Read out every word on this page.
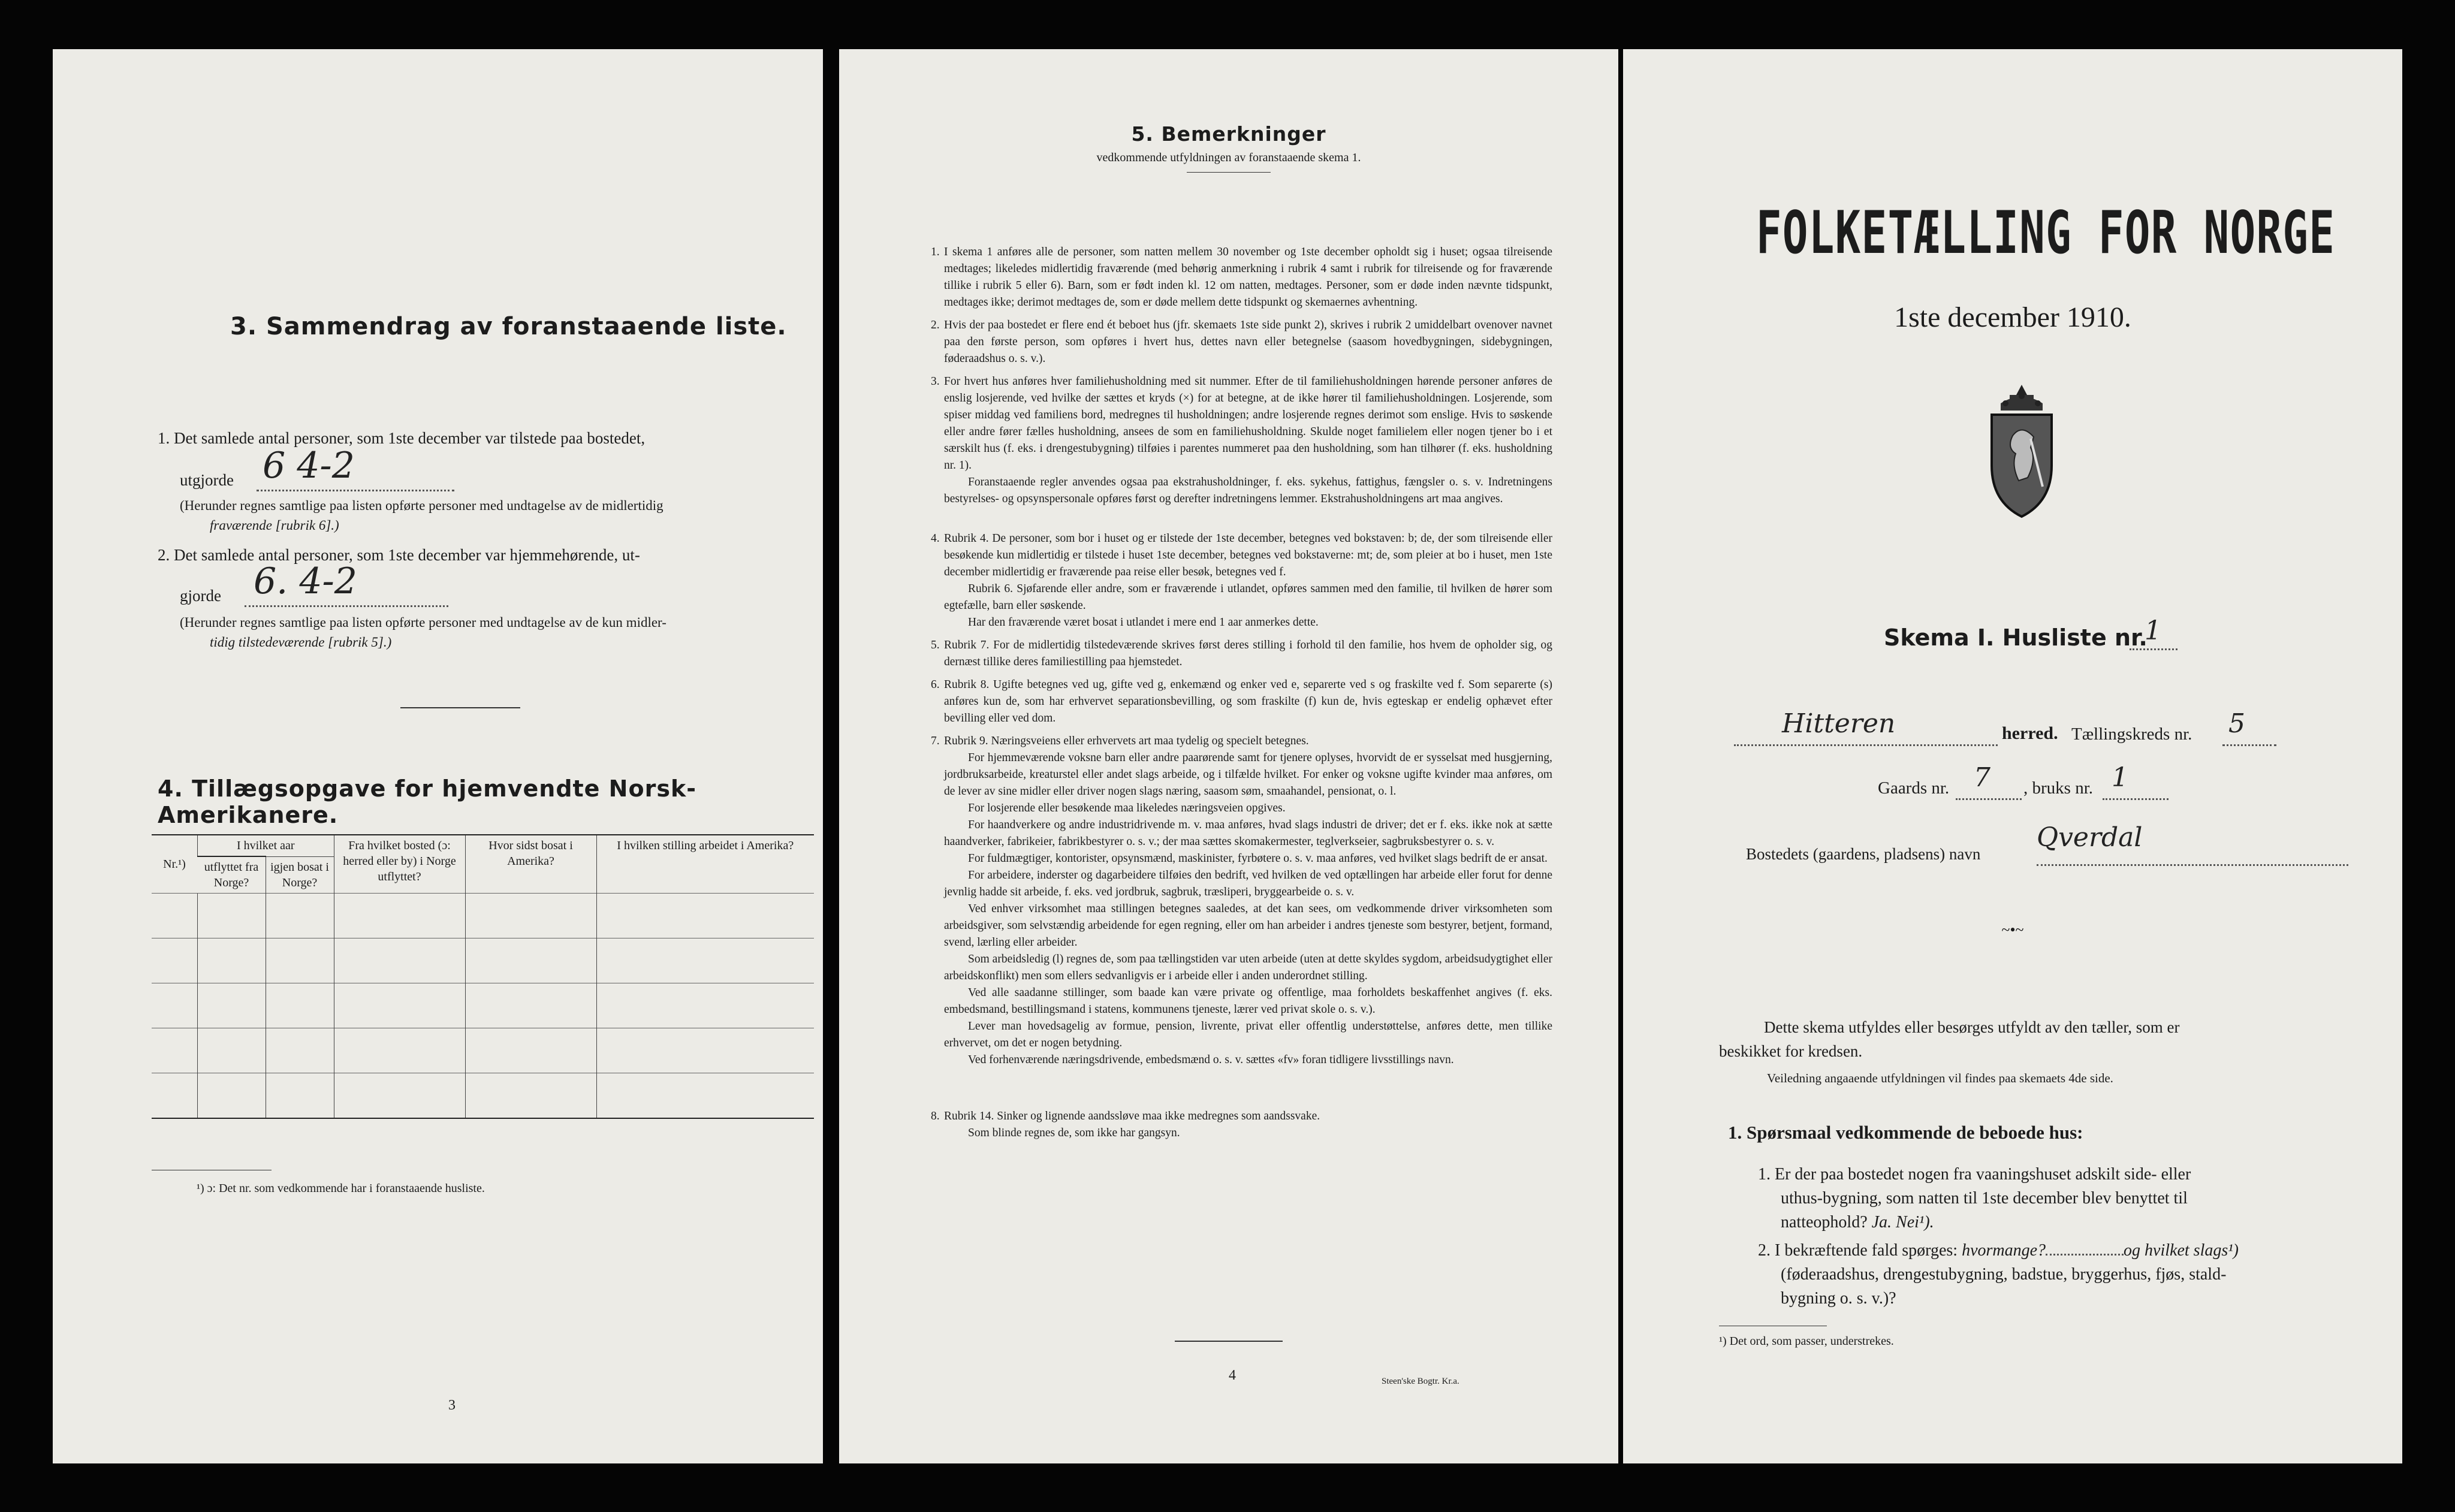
3. Sammendrag av foranstaaende liste.
1. Det samlede antal personer, som 1ste december var tilstede paa bostedet,
utgjorde 6 4-2
(Herunder regnes samtlige paa listen opførte personer med undtagelse av de midlertidig
fraværende [rubrik 6].)
2. Det samlede antal personer, som 1ste december var hjemmehørende, ut-
gjorde 6. 4-2
(Herunder regnes samtlige paa listen opførte personer med undtagelse av de kun midler-
tidig tilstedeværende [rubrik 5].)
4. Tillægsopgave for hjemvendte Norsk-Amerikanere.
Nr.¹)	I hvilket aar		Fra hvilket bosted (ɔ: herred eller by) i Norge utflyttet?	Hvor sidst bosat i Amerika?	I hvilken stilling arbeidet i Amerika?
	utflyttet fra Norge?	igjen bosat i Norge?			

¹) ɔ: Det nr. som vedkommende har i foranstaaende husliste.
3
5. Bemerkninger
vedkommende utfyldningen av foranstaaende skema 1.
1. I skema 1 anføres alle de personer, som natten mellem 30 november og 1ste december opholdt sig i huset; ogsaa tilreisende medtages; likeledes midlertidig fraværende (med behørig anmerkning i rubrik 4 samt i rubrik for tilreisende og for fraværende tillike i rubrik 5 eller 6). Barn, som er født inden kl. 12 om natten, medtages. Personer, som er døde inden nævnte tidspunkt, medtages ikke; derimot medtages de, som er døde mellem dette tidspunkt og skemaernes avhentning.
2. Hvis der paa bostedet er flere end ét beboet hus (jfr. skemaets 1ste side punkt 2), skrives i rubrik 2 umiddelbart ovenover navnet paa den første person, som opføres i hvert hus, dettes navn eller betegnelse (saasom hovedbygningen, sidebygningen, føderaadshus o. s. v.).
3. For hvert hus anføres hver familiehusholdning med sit nummer. Efter de til familiehusholdningen hørende personer anføres de enslig losjerende, ved hvilke der sættes et kryds (×) for at betegne, at de ikke hører til familiehusholdningen. Losjerende, som spiser middag ved familiens bord, medregnes til husholdningen; andre losjerende regnes derimot som enslige. Hvis to søskende eller andre fører fælles husholdning, ansees de som en familiehusholdning. Skulde noget familielem eller nogen tjener bo i et særskilt hus (f. eks. i drengestubygning) tilføies i parentes nummeret paa den husholdning, som han tilhører (f. eks. husholdning nr. 1).
Foranstaaende regler anvendes ogsaa paa ekstrahusholdninger, f. eks. sykehus, fattighus, fængsler o. s. v. Indretningens bestyrelses- og opsynspersonale opføres først og derefter indretningens lemmer. Ekstrahusholdningens art maa angives.
4. Rubrik 4. De personer, som bor i huset og er tilstede der 1ste december, betegnes ved bokstaven: b; de, der som tilreisende eller besøkende kun midlertidig er tilstede i huset 1ste december, betegnes ved bokstaverne: mt; de, som pleier at bo i huset, men 1ste december midlertidig er fraværende paa reise eller besøk, betegnes ved f.
Rubrik 6. Sjøfarende eller andre, som er fraværende i utlandet, opføres sammen med den familie, til hvilken de hører som egtefælle, barn eller søskende.
Har den fraværende været bosat i utlandet i mere end 1 aar anmerkes dette.
5. Rubrik 7. For de midlertidig tilstedeværende skrives først deres stilling i forhold til den familie, hos hvem de opholder sig, og dernæst tillike deres familiestilling paa hjemstedet.
6. Rubrik 8. Ugifte betegnes ved ug, gifte ved g, enkemænd og enker ved e, separerte ved s og fraskilte ved f. Som separerte (s) anføres kun de, som har erhvervet separationsbevilling, og som fraskilte (f) kun de, hvis egteskap er endelig ophævet efter bevilling eller ved dom.
7. Rubrik 9. Næringsveiens eller erhvervets art maa tydelig og specielt betegnes.
For hjemmeværende voksne barn eller andre paarørende samt for tjenere oplyses, hvorvidt de er sysselsat med husgjerning, jordbruksarbeide, kreaturstel eller andet slags arbeide, og i tilfælde hvilket. For enker og voksne ugifte kvinder maa anføres, om de lever av sine midler eller driver nogen slags næring, saasom søm, smaahandel, pensionat, o. l.
For losjerende eller besøkende maa likeledes næringsveien opgives.
For haandverkere og andre industridrivende m. v. maa anføres, hvad slags industri de driver; det er f. eks. ikke nok at sætte haandverker, fabrikeier, fabrikbestyrer o. s. v.; der maa sættes skomakermester, teglverkseier, sagbruksbestyrer o. s. v.
For fuldmægtiger, kontorister, opsynsmænd, maskinister, fyrbøtere o. s. v. maa anføres, ved hvilket slags bedrift de er ansat.
For arbeidere, inderster og dagarbeidere tilføies den bedrift, ved hvilken de ved optællingen har arbeide eller forut for denne jevnlig hadde sit arbeide, f. eks. ved jordbruk, sagbruk, træsliperi, bryggearbeide o. s. v.
Ved enhver virksomhet maa stillingen betegnes saaledes, at det kan sees, om vedkommende driver virksomheten som arbeidsgiver, som selvstændig arbeidende for egen regning, eller om han arbeider i andres tjeneste som bestyrer, betjent, formand, svend, lærling eller arbeider.
Som arbeidsledig (l) regnes de, som paa tællingstiden var uten arbeide (uten at dette skyldes sygdom, arbeidsudygtighet eller arbeidskonflikt) men som ellers sedvanligvis er i arbeide eller i anden underordnet stilling.
Ved alle saadanne stillinger, som baade kan være private og offentlige, maa forholdets beskaffenhet angives (f. eks. embedsmand, bestillingsmand i statens, kommunens tjeneste, lærer ved privat skole o. s. v.).
Lever man hovedsagelig av formue, pension, livrente, privat eller offentlig understøttelse, anføres dette, men tillike erhvervet, om det er nogen betydning.
Ved forhenværende næringsdrivende, embedsmænd o. s. v. sættes «fv» foran tidligere livsstillings navn.
8. Rubrik 14. Sinker og lignende aandssløve maa ikke medregnes som aandssvake.
Som blinde regnes de, som ikke har gangsyn.
4	Steen'ske Bogtr. Kr.a.
FOLKETÆLLING FOR NORGE
1ste december 1910.
Skema I. Husliste nr.
1
Hitteren	herred. Tællingskreds nr. 5
Gaards nr. 7 , bruks nr. 1
Bostedets (gaardens, pladsens) navn
Qverdal
~•~
Dette skema utfyldes eller besørges utfyldt av den tæller, som er
beskikket for kredsen.
Veiledning angaaende utfyldningen vil findes paa skemaets 4de side.
1. Spørsmaal vedkommende de beboede hus:
1. Er der paa bostedet nogen fra vaaningshuset adskilt side- eller
uthus-bygning, som natten til 1ste december blev benyttet til
natteophold? Ja. Nei¹).
2. I bekræftende fald spørges: hvormange?	og hvilket slags¹)
(føderaadshus, drengestubygning, badstue, bryggerhus, fjøs, stald-
bygning o. s. v.)?
¹) Det ord, som passer, understrekes.
